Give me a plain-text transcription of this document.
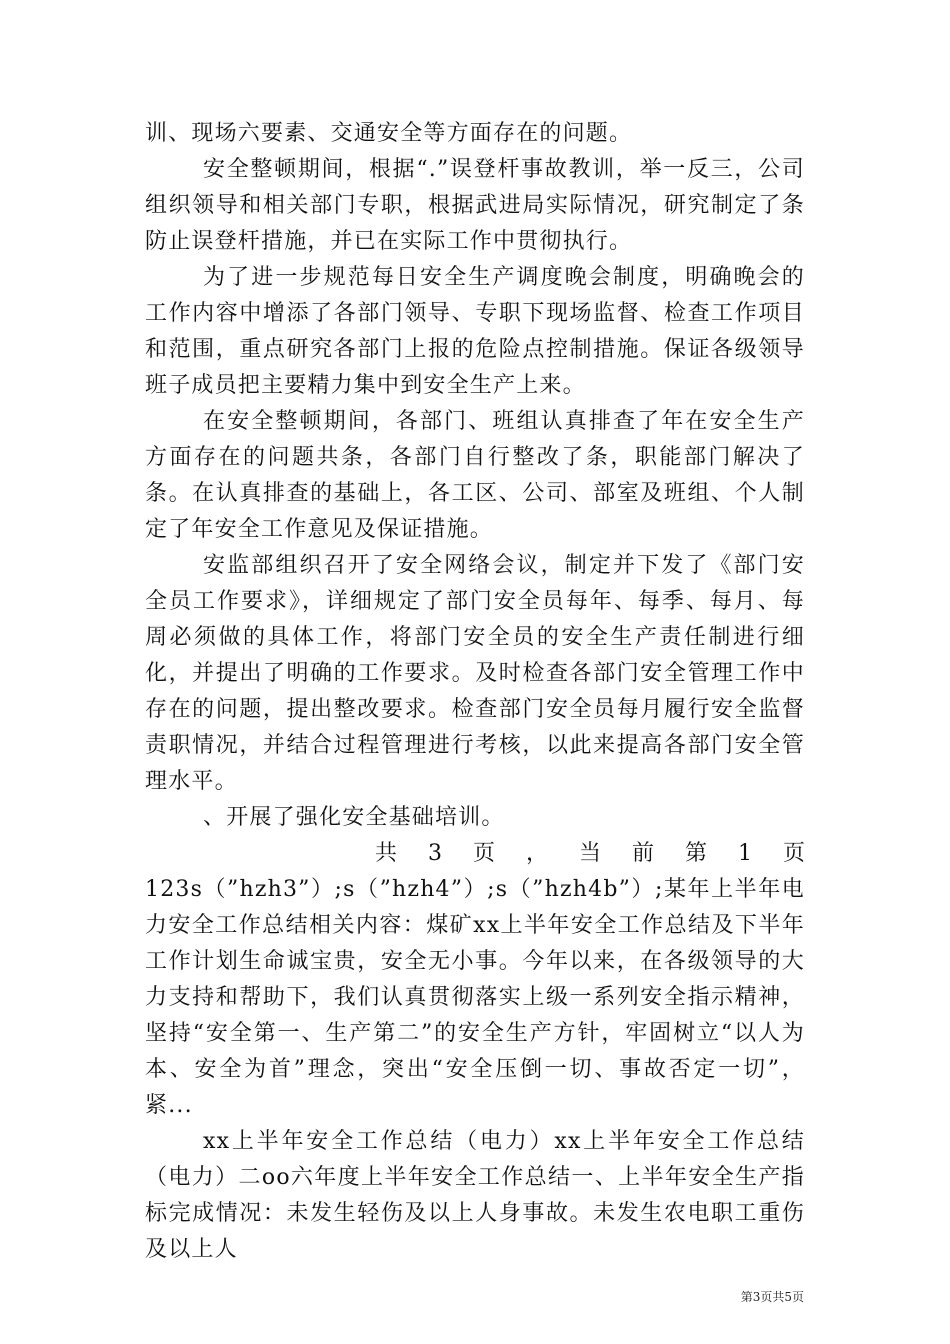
训、现场六要素、交通安全等方面存在的问题。

安全整顿期间，根据“.”误登杆事故教训，举一反三，公司组织领导和相关部门专职，根据武进局实际情况，研究制定了条防止误登杆措施，并已在实际工作中贯彻执行。

为了进一步规范每日安全生产调度晚会制度，明确晚会的工作内容中增添了各部门领导、专职下现场监督、检查工作项目和范围，重点研究各部门上报的危险点控制措施。保证各级领导班子成员把主要精力集中到安全生产上来。

在安全整顿期间，各部门、班组认真排查了年在安全生产方面存在的问题共条，各部门自行整改了条，职能部门解决了条。在认真排查的基础上，各工区、公司、部室及班组、个人制定了年安全工作意见及保证措施。

安监部组织召开了安全网络会议，制定并下发了《部门安全员工作要求》，详细规定了部门安全员每年、每季、每月、每周必须做的具体工作，将部门安全员的安全生产责任制进行细化，并提出了明确的工作要求。及时检查各部门安全管理工作中存在的问题，提出整改要求。检查部门安全员每月履行安全监督责职情况，并结合过程管理进行考核，以此来提高各部门安全管理水平。

、开展了强化安全基础培训。

共 3 页 ， 当 前 第 1 页

123s（”hzh3”）;s（”hzh4”）;s（”hzh4b”）;某年上半年电力安全工作总结相关内容：煤矿xx上半年安全工作总结及下半年工作计划生命诚宝贵，安全无小事。今年以来，在各级领导的大力支持和帮助下，我们认真贯彻落实上级一系列安全指示精神，坚持“安全第一、生产第二”的安全生产方针，牢固树立“以人为本、安全为首”理念，突出“安全压倒一切、事故否定一切”，紧...

xx上半年安全工作总结（电力）xx上半年安全工作总结（电力）二oo六年度上半年安全工作总结一、上半年安全生产指标完成情况：未发生轻伤及以上人身事故。未发生农电职工重伤及以上人

第3页共5页
